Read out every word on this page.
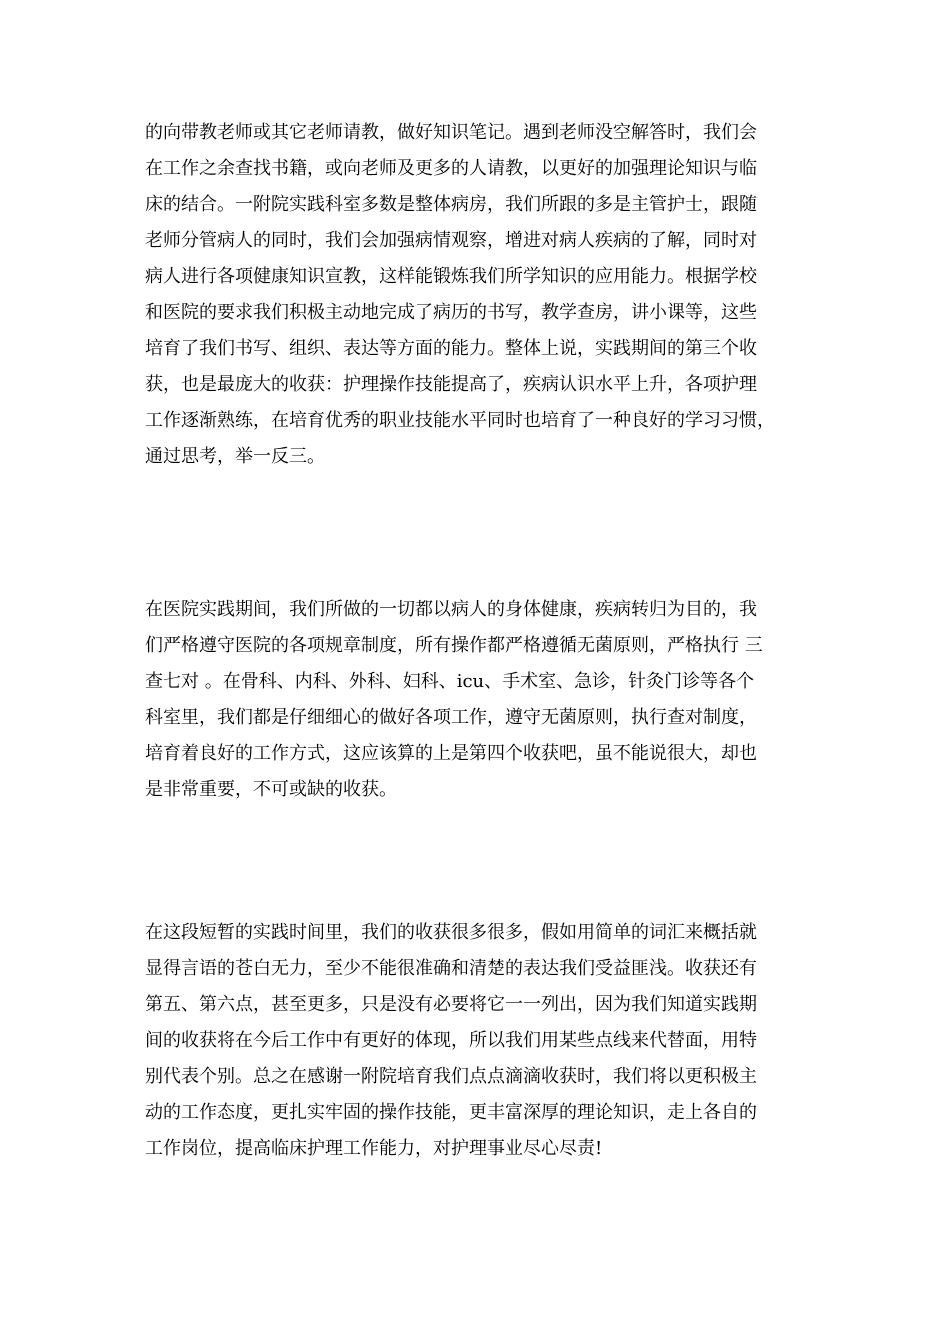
的向带教老师或其它老师请教，做好知识笔记。遇到老师没空解答时，我们会
在工作之余查找书籍，或向老师及更多的人请教，以更好的加强理论知识与临
床的结合。一附院实践科室多数是整体病房，我们所跟的多是主管护士，跟随
老师分管病人的同时，我们会加强病情观察，增进对病人疾病的了解，同时对
病人进行各项健康知识宣教，这样能锻炼我们所学知识的应用能力。根据学校
和医院的要求我们积极主动地完成了病历的书写，教学查房，讲小课等，这些
培育了我们书写、组织、表达等方面的能力。整体上说，实践期间的第三个收
获，也是最庞大的收获：护理操作技能提高了，疾病认识水平上升，各项护理
工作逐渐熟练，在培育优秀的职业技能水平同时也培育了一种良好的学习习惯，
通过思考，举一反三。
在医院实践期间，我们所做的一切都以病人的身体健康，疾病转归为目的，我
们严格遵守医院的各项规章制度，所有操作都严格遵循无菌原则，严格执行 三
查七对 。在骨科、内科、外科、妇科、icu、手术室、急诊，针灸门诊等各个
科室里，我们都是仔细细心的做好各项工作，遵守无菌原则，执行查对制度，
培育着良好的工作方式，这应该算的上是第四个收获吧，虽不能说很大，却也
是非常重要，不可或缺的收获。
在这段短暂的实践时间里，我们的收获很多很多，假如用简单的词汇来概括就
显得言语的苍白无力，至少不能很准确和清楚的表达我们受益匪浅。收获还有
第五、第六点，甚至更多，只是没有必要将它一一列出，因为我们知道实践期
间的收获将在今后工作中有更好的体现，所以我们用某些点线来代替面，用特
别代表个别。总之在感谢一附院培育我们点点滴滴收获时，我们将以更积极主
动的工作态度，更扎实牢固的操作技能，更丰富深厚的理论知识，走上各自的
工作岗位，提高临床护理工作能力，对护理事业尽心尽责!
